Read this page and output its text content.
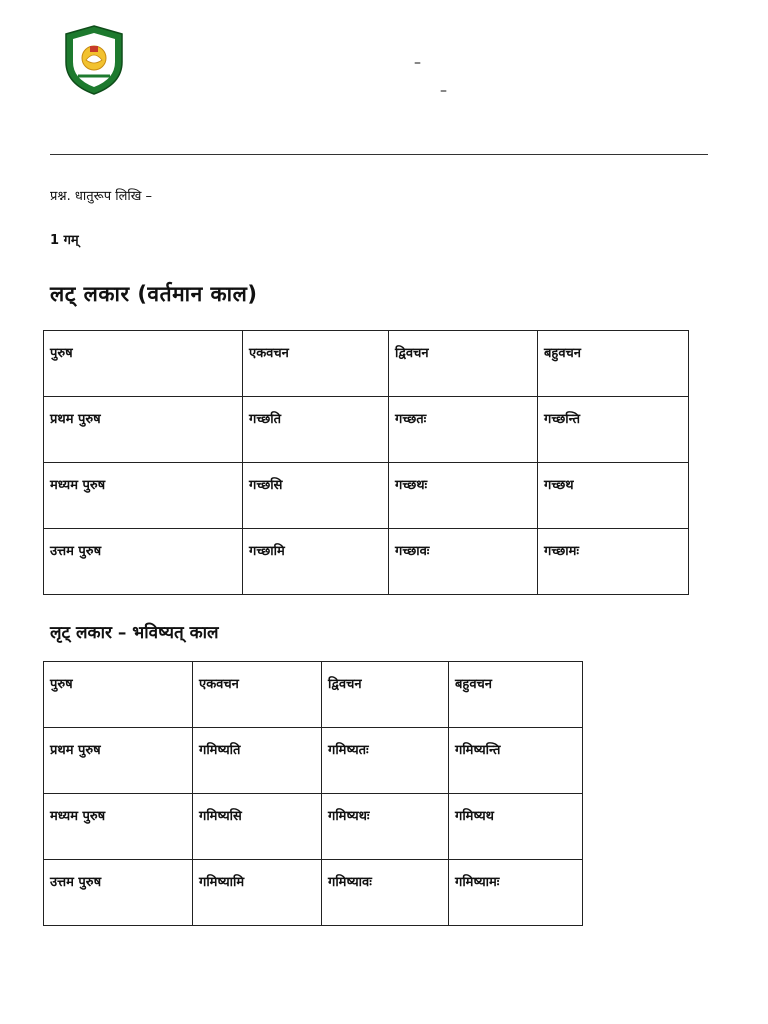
–
–
प्रश्न. धातुरूप लिखि –
1 गम्
लट् लकार (वर्तमान काल)
पुरुष	एकवचन	द्विवचन	बहुवचन
प्रथम पुरुष	गच्छति	गच्छतः	गच्छन्ति
मध्यम पुरुष	गच्छसि	गच्छथः	गच्छथ
उत्तम पुरुष	गच्छामि	गच्छावः	गच्छामः
लृट् लकार – भविष्यत् काल
पुरुष	एकवचन	द्विवचन	बहुवचन
प्रथम पुरुष	गमिष्यति	गमिष्यतः	गमिष्यन्ति
मध्यम पुरुष	गमिष्यसि	गमिष्यथः	गमिष्यथ
उत्तम पुरुष	गमिष्यामि	गमिष्यावः	गमिष्यामः
